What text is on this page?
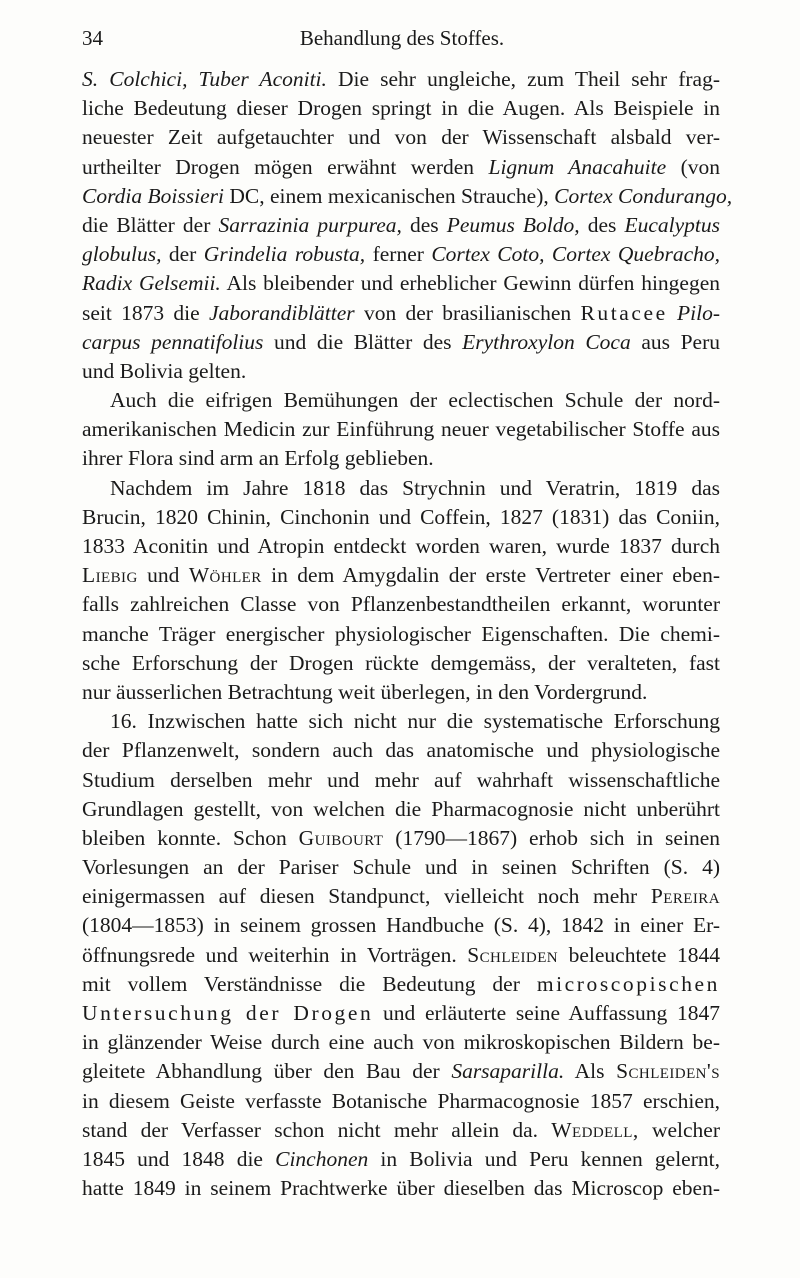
34	Behandlung des Stoffes.
S. Colchici, Tuber Aconiti. Die sehr ungleiche, zum Theil sehr frag-
liche Bedeutung dieser Drogen springt in die Augen. Als Beispiele in
neuester Zeit aufgetauchter und von der Wissenschaft alsbald ver-
urtheilter Drogen mögen erwähnt werden Lignum Anacahuite (von
Cordia Boissieri DC, einem mexicanischen Strauche), Cortex Condurango,
die Blätter der Sarrazinia purpurea, des Peumus Boldo, des Eucalyptus
globulus, der Grindelia robusta, ferner Cortex Coto, Cortex Quebracho,
Radix Gelsemii. Als bleibender und erheblicher Gewinn dürfen hingegen
seit 1873 die Jaborandiblätter von der brasilianischen Rutacee Pilo-
carpus pennatifolius und die Blätter des Erythroxylon Coca aus Peru
und Bolivia gelten.
Auch die eifrigen Bemühungen der eclectischen Schule der nord-
amerikanischen Medicin zur Einführung neuer vegetabilischer Stoffe aus
ihrer Flora sind arm an Erfolg geblieben.
Nachdem im Jahre 1818 das Strychnin und Veratrin, 1819 das
Brucin, 1820 Chinin, Cinchonin und Coffein, 1827 (1831) das Coniin,
1833 Aconitin und Atropin entdeckt worden waren, wurde 1837 durch
Liebig und Wöhler in dem Amygdalin der erste Vertreter einer eben-
falls zahlreichen Classe von Pflanzenbestandtheilen erkannt, worunter
manche Träger energischer physiologischer Eigenschaften. Die chemi-
sche Erforschung der Drogen rückte demgemäss, der veralteten, fast
nur äusserlichen Betrachtung weit überlegen, in den Vordergrund.
16. Inzwischen hatte sich nicht nur die systematische Erforschung
der Pflanzenwelt, sondern auch das anatomische und physiologische
Studium derselben mehr und mehr auf wahrhaft wissenschaftliche
Grundlagen gestellt, von welchen die Pharmacognosie nicht unberührt
bleiben konnte. Schon Guibourt (1790—1867) erhob sich in seinen
Vorlesungen an der Pariser Schule und in seinen Schriften (S. 4)
einigermassen auf diesen Standpunct, vielleicht noch mehr Pereira
(1804—1853) in seinem grossen Handbuche (S. 4), 1842 in einer Er-
öffnungsrede und weiterhin in Vorträgen. Schleiden beleuchtete 1844
mit vollem Verständnisse die Bedeutung der microscopischen
Untersuchung der Drogen und erläuterte seine Auffassung 1847
in glänzender Weise durch eine auch von mikroskopischen Bildern be-
gleitete Abhandlung über den Bau der Sarsaparilla. Als Schleiden's
in diesem Geiste verfasste Botanische Pharmacognosie 1857 erschien,
stand der Verfasser schon nicht mehr allein da. Weddell, welcher
1845 und 1848 die Cinchonen in Bolivia und Peru kennen gelernt,
hatte 1849 in seinem Prachtwerke über dieselben das Microscop eben-
